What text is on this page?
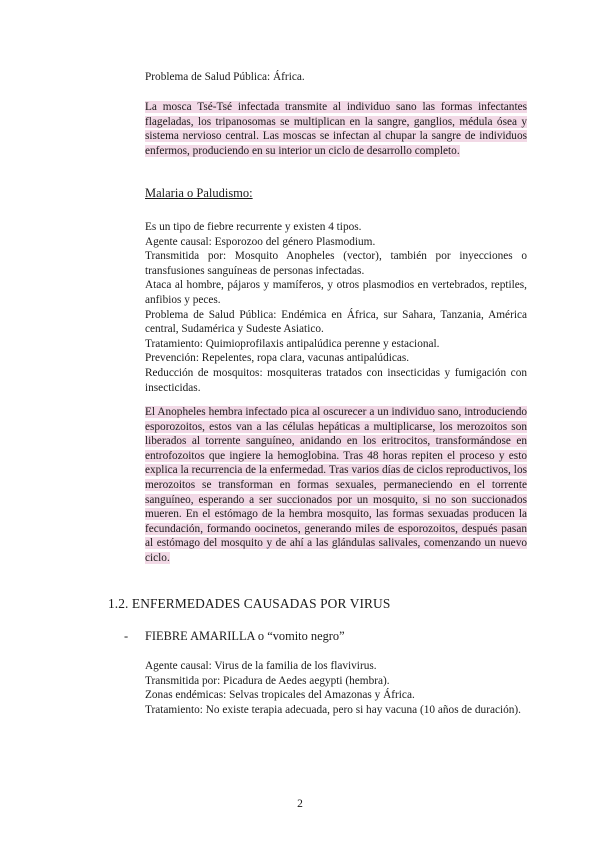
Problema de Salud Pública: África.

La mosca Tsé-Tsé infectada transmite al individuo sano las formas infectantes flageladas, los tripanosomas se multiplican en la sangre, ganglios, médula ósea y sistema nervioso central. Las moscas se infectan al chupar la sangre de individuos enfermos, produciendo en su interior un ciclo de desarrollo completo.

Malaria o Paludismo:

Es un tipo de fiebre recurrente y existen 4 tipos.
Agente causal: Esporozoo del género Plasmodium.
Transmitida por: Mosquito Anopheles (vector), también por inyecciones o transfusiones sanguíneas de personas infectadas.
Ataca al hombre, pájaros y mamíferos, y otros plasmodios en vertebrados, reptiles, anfibios y peces.
Problema de Salud Pública: Endémica en África, sur Sahara, Tanzania, América central, Sudamérica y Sudeste Asiatico.
Tratamiento: Quimioprofilaxis antipalúdica perenne y estacional.
Prevención: Repelentes, ropa clara, vacunas antipalúdicas.
Reducción de mosquitos: mosquiteras tratados con insecticidas y fumigación con insecticidas.

El Anopheles hembra infectado pica al oscurecer a un individuo sano, introduciendo esporozoitos, estos van a las células hepáticas a multiplicarse, los merozoitos son liberados al torrente sanguíneo, anidando en los eritrocitos, transformándose en entrofozoitos que ingiere la hemoglobina. Tras 48 horas repiten el proceso y esto explica la recurrencia de la enfermedad. Tras varios días de ciclos reproductivos, los merozoitos se transforman en formas sexuales, permaneciendo en el torrente sanguíneo, esperando a ser succionados por un mosquito, si no son succionados mueren. En el estómago de la hembra mosquito, las formas sexuadas producen la fecundación, formando oocinetos, generando miles de esporozoitos, después pasan al estómago del mosquito y de ahí a las glándulas salivales, comenzando un nuevo ciclo.

1.2. ENFERMEDADES CAUSADAS POR VIRUS
- FIEBRE AMARILLA o “vomito negro”
Agente causal: Virus de la familia de los flavivirus.
Transmitida por: Picadura de Aedes aegypti (hembra).
Zonas endémicas: Selvas tropicales del Amazonas y África.
Tratamiento: No existe terapia adecuada, pero si hay vacuna (10 años de duración).
2
